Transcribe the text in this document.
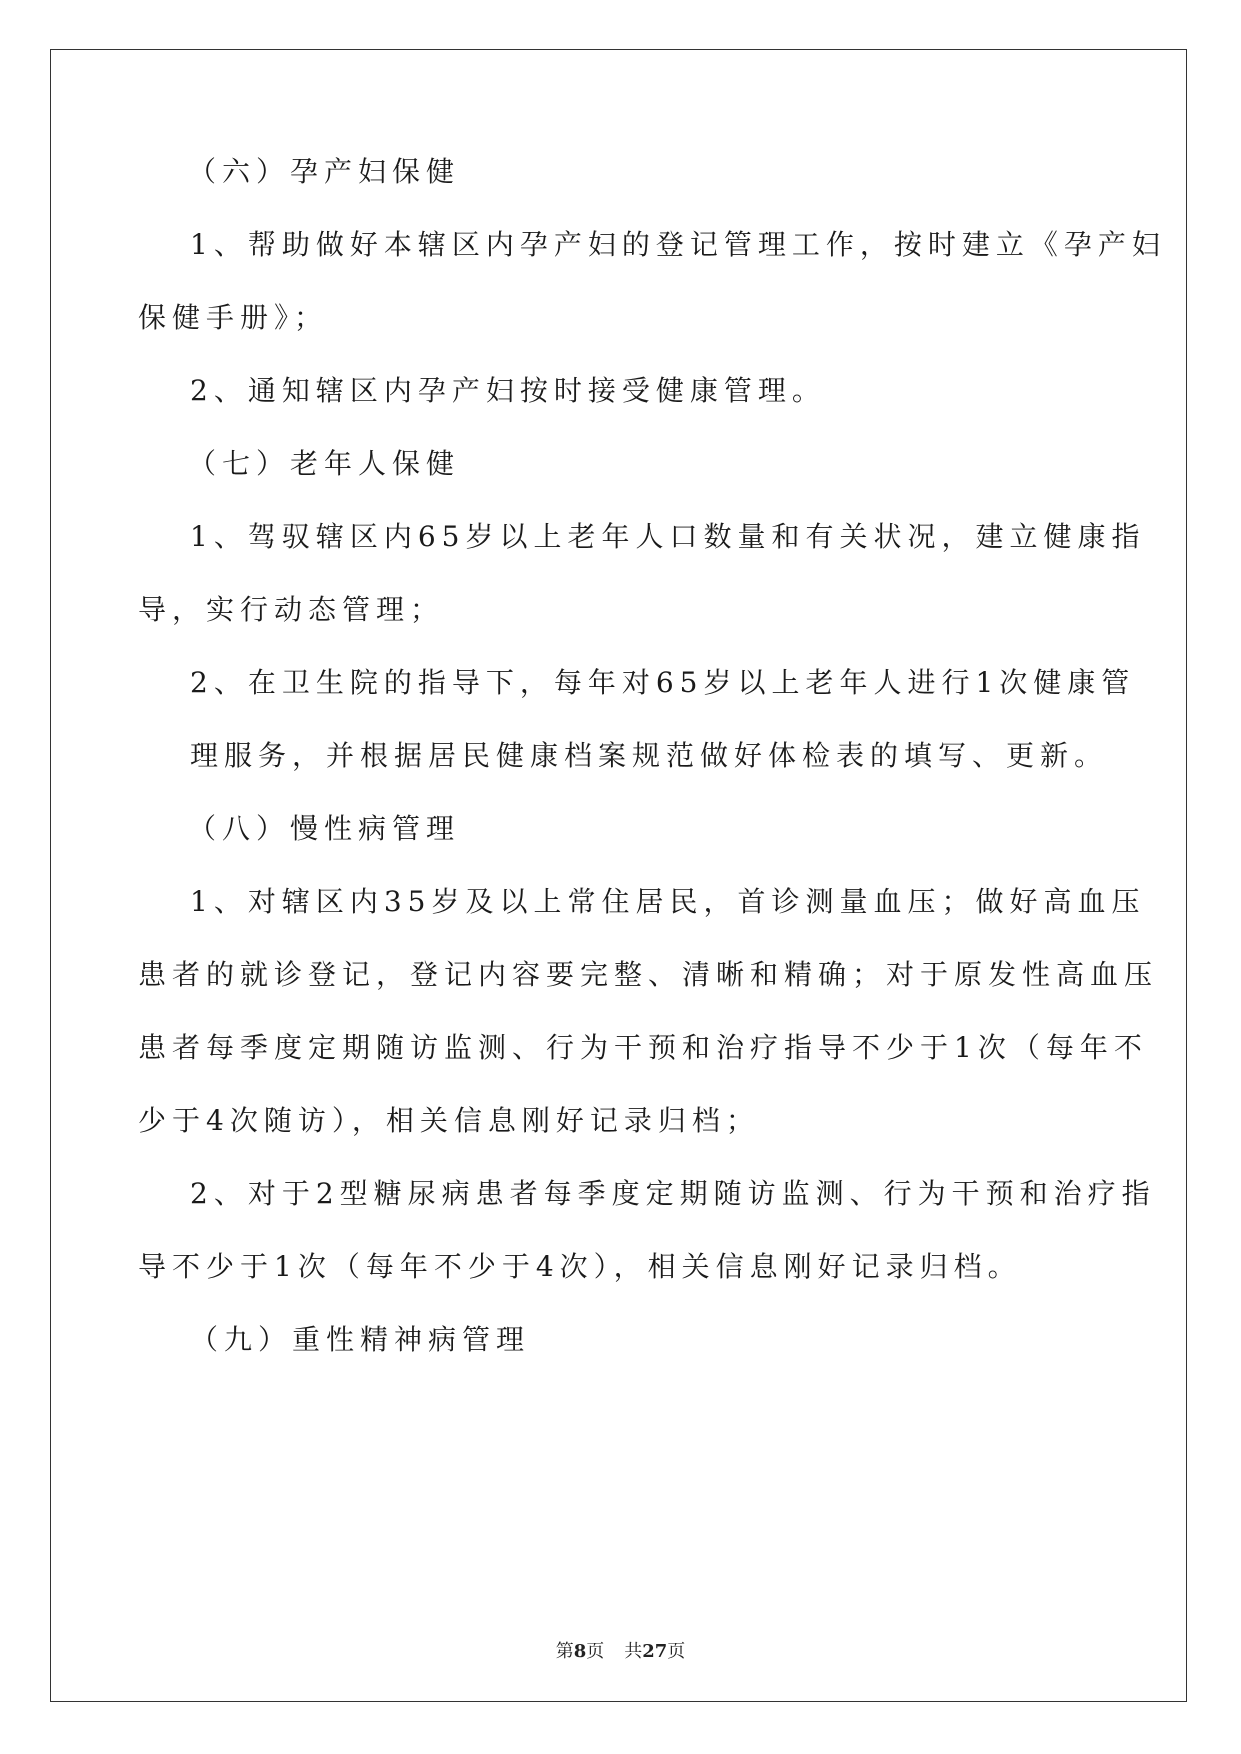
（六）孕产妇保健
1、帮助做好本辖区内孕产妇的登记管理工作，按时建立《孕产妇
保健手册》；
2、通知辖区内孕产妇按时接受健康管理。
（七）老年人保健
1、驾驭辖区内65岁以上老年人口数量和有关状况，建立健康指
导，实行动态管理；
2、在卫生院的指导下，每年对65岁以上老年人进行1次健康管
理服务，并根据居民健康档案规范做好体检表的填写、更新。
（八）慢性病管理
1、对辖区内35岁及以上常住居民，首诊测量血压；做好高血压
患者的就诊登记，登记内容要完整、清晰和精确；对于原发性高血压
患者每季度定期随访监测、行为干预和治疗指导不少于1次（每年不
少于4次随访），相关信息刚好记录归档；
2、对于2型糖尿病患者每季度定期随访监测、行为干预和治疗指
导不少于1次（每年不少于4次），相关信息刚好记录归档。
（九）重性精神病管理
第8页 共27页
